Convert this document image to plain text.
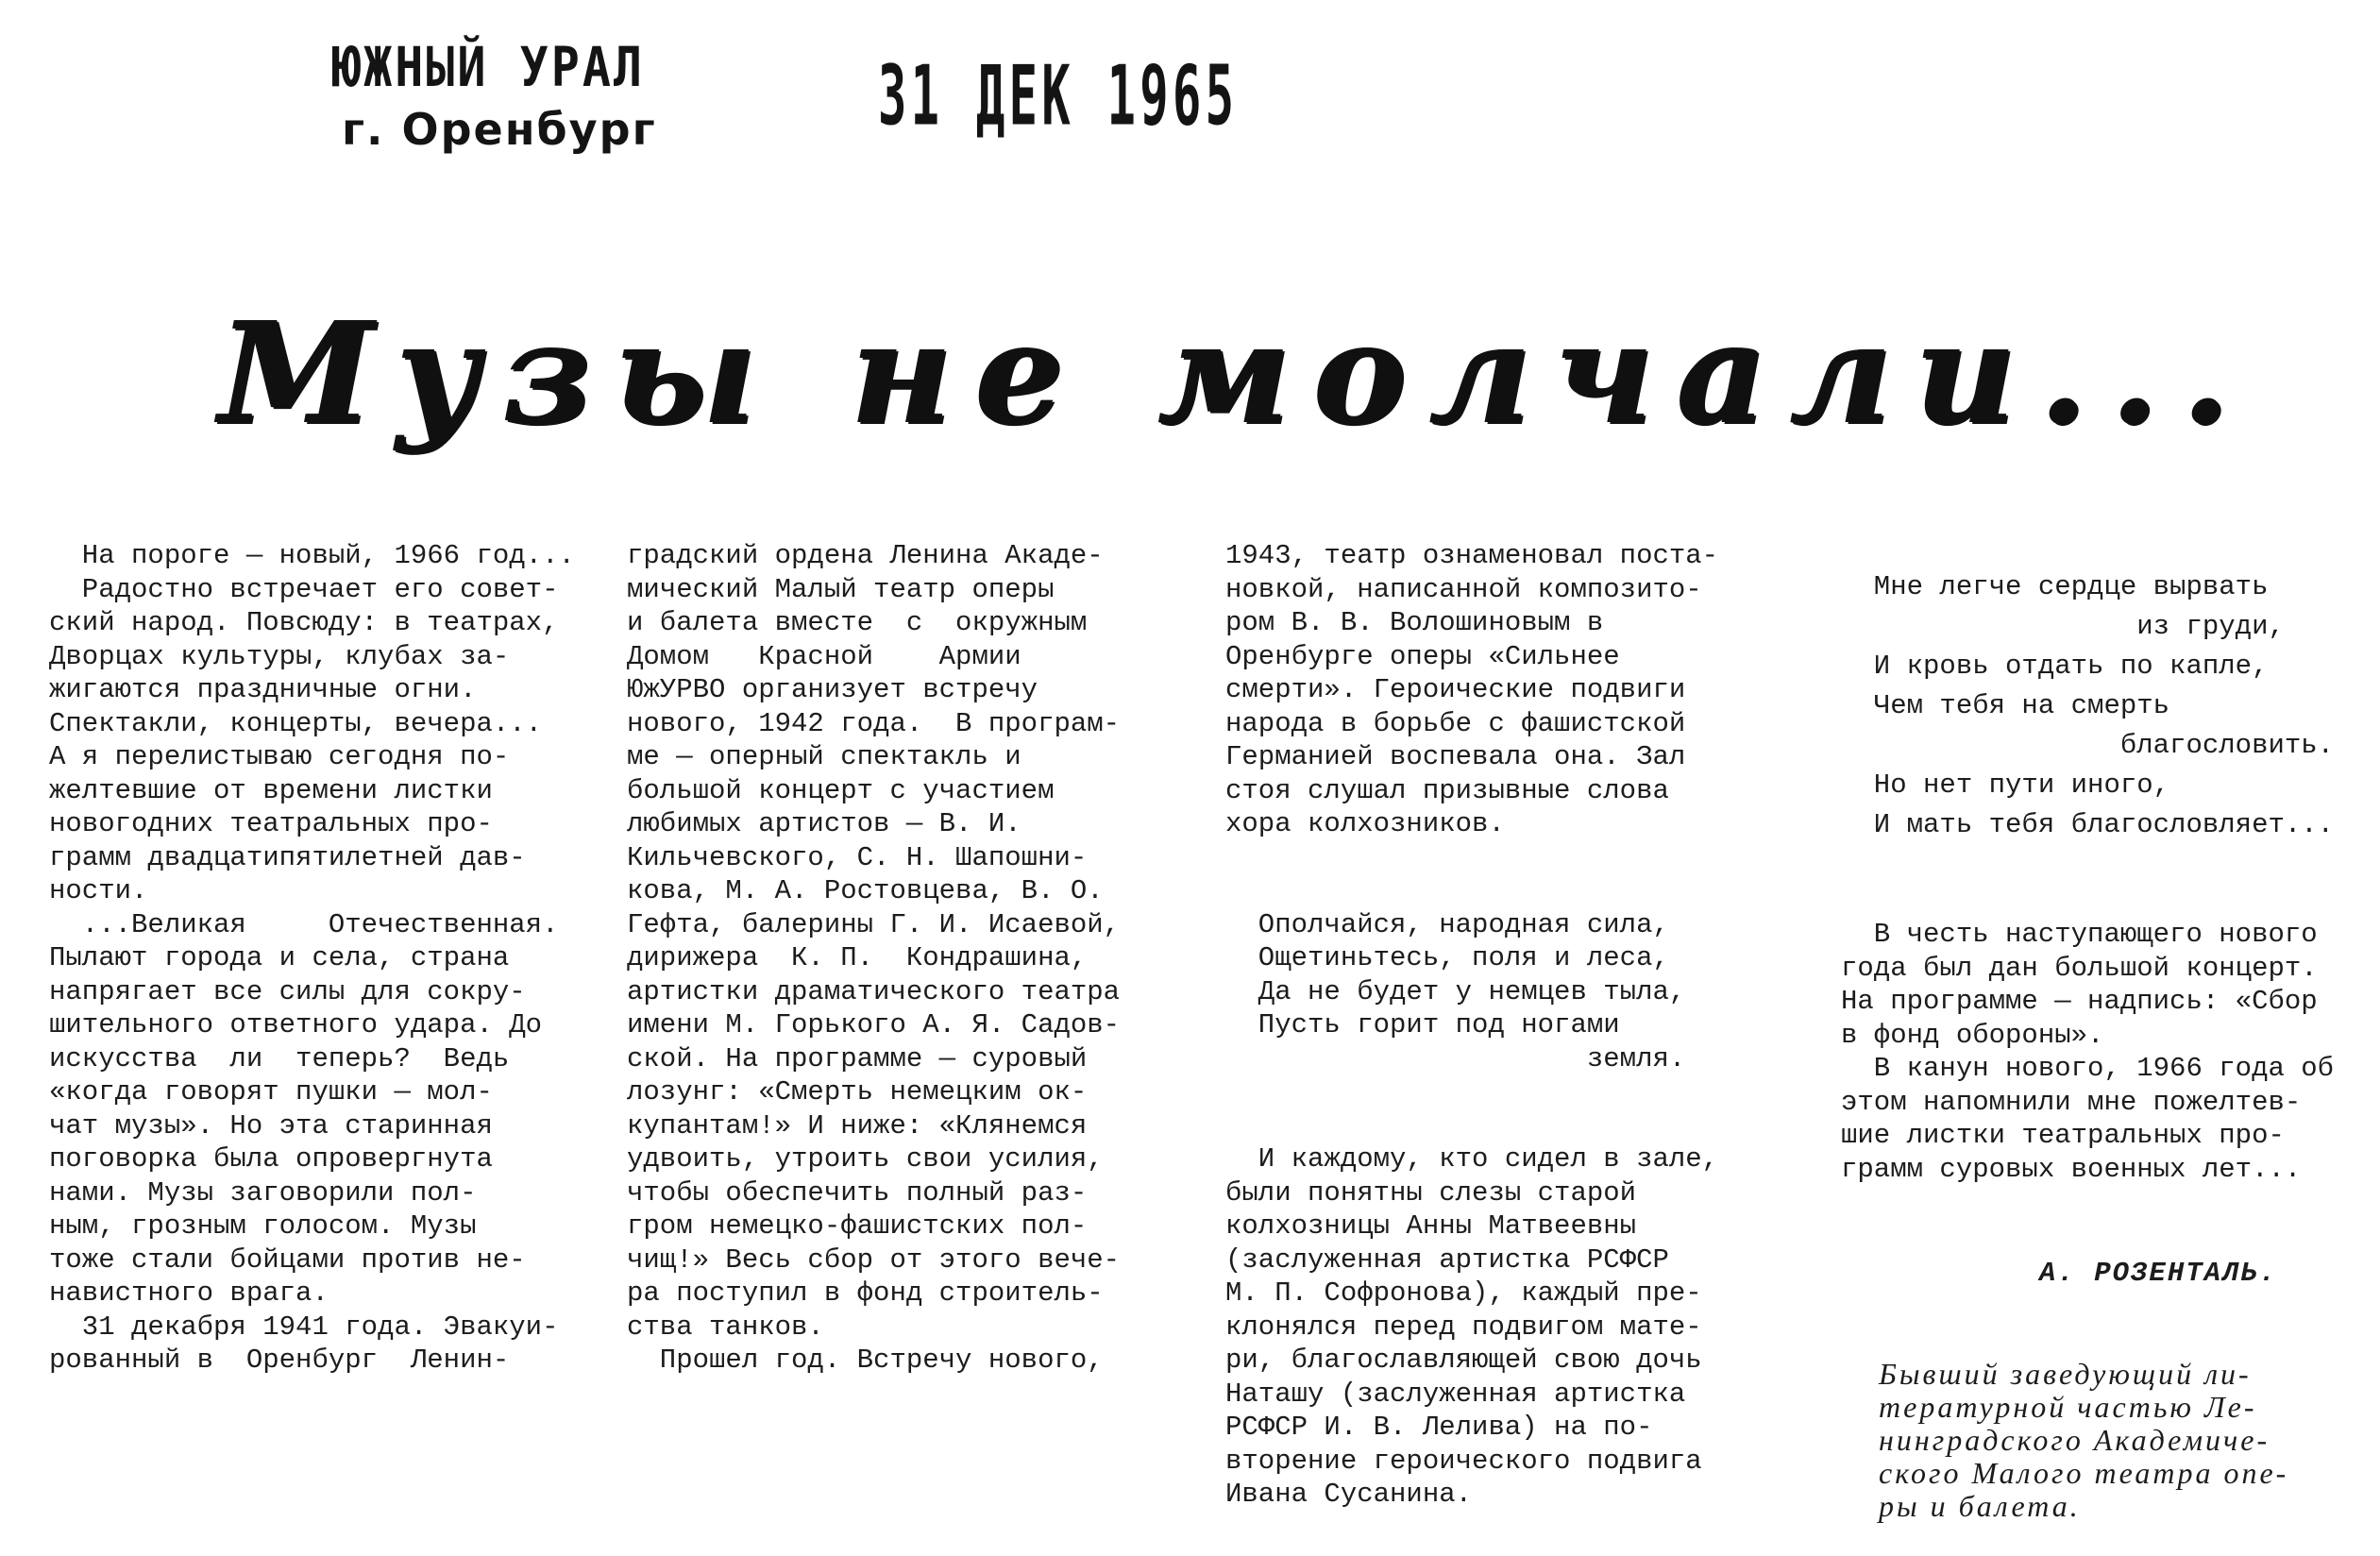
ЮЖНЫЙ УРАЛ
г. Оренбург	31 ДЕК 1965
Музы не молчали...

На пороге — новый, 1966 год...
Радостно встречает его совет-
ский народ. Повсюду: в театрах,
Дворцах культуры, клубах за-
жигаются праздничные огни.
Спектакли, концерты, вечера...
А я перелистываю сегодня по-
желтевшие от времени листки
новогодних театральных про-
грамм двадцатипятилетней дав-
ности.
...Великая     Отечественная.
Пылают города и села, страна
напрягает все силы для сокру-
шительного ответного удара. До
искусства  ли  теперь?  Ведь
«когда говорят пушки — мол-
чат музы». Но эта старинная
поговорка была опровергнута
нами. Музы заговорили пол-
ным, грозным голосом. Музы
тоже стали бойцами против не-
навистного врага.
31 декабря 1941 года. Эвакуи-
рованный в  Оренбург  Ленин-

градский ордена Ленина Акаде-
мический Малый театр оперы
и балета вместе  с  окружным
Домом   Красной    Армии
ЮжУРВО организует встречу
нового, 1942 года.  В програм-
ме — оперный спектакль и
большой концерт с участием
любимых артистов — В. И.
Кильчевского, С. Н. Шапошни-
кова, М. А. Ростовцева, В. О.
Гефта, балерины Г. И. Исаевой,
дирижера  К. П.  Кондрашина,
артистки драматического театра
имени М. Горького А. Я. Садов-
ской. На программе — суровый
лозунг: «Смерть немецким ок-
купантам!» И ниже: «Клянемся
удвоить, утроить свои усилия,
чтобы обеспечить полный раз-
гром немецко-фашистских пол-
чищ!» Весь сбор от этого вече-
ра поступил в фонд строитель-
ства танков.
Прошел год. Встречу нового,

1943, театр ознаменовал поста-
новкой, написанной композито-
ром В. В. Волошиновым в
Оренбурге оперы «Сильнее
смерти». Героические подвиги
народа в борьбе с фашистской
Германией воспевала она. Зал
стоя слушал призывные слова
хора колхозников.

Ополчайся, народная сила,
Ощетиньтесь, поля и леса,
Да не будет у немцев тыла,
Пусть горит под ногами
земля.

И каждому, кто сидел в зале,
были понятны слезы старой
колхозницы Анны Матвеевны
(заслуженная артистка РСФСР
М. П. Софронова), каждый пре-
клонялся перед подвигом мате-
ри, благославляющей свою дочь
Наташу (заслуженная артистка
РСФСР И. В. Лелива) на по-
вторение героического подвига
Ивана Сусанина.

Мне легче сердце вырвать
из груди,
И кровь отдать по капле,
Чем тебя на смерть
благословить.
Но нет пути иного,
И мать тебя благословляет...

В честь наступающего нового
года был дан большой концерт.
На программе — надпись: «Сбор
в фонд обороны».
В канун нового, 1966 года об
этом напомнили мне пожелтев-
шие листки театральных про-
грамм суровых военных лет...

А. РОЗЕНТАЛЬ.

Бывший заведующий ли-
тературной частью Ле-
нинградского Академиче-
ского Малого театра опе-
ры и балета.
